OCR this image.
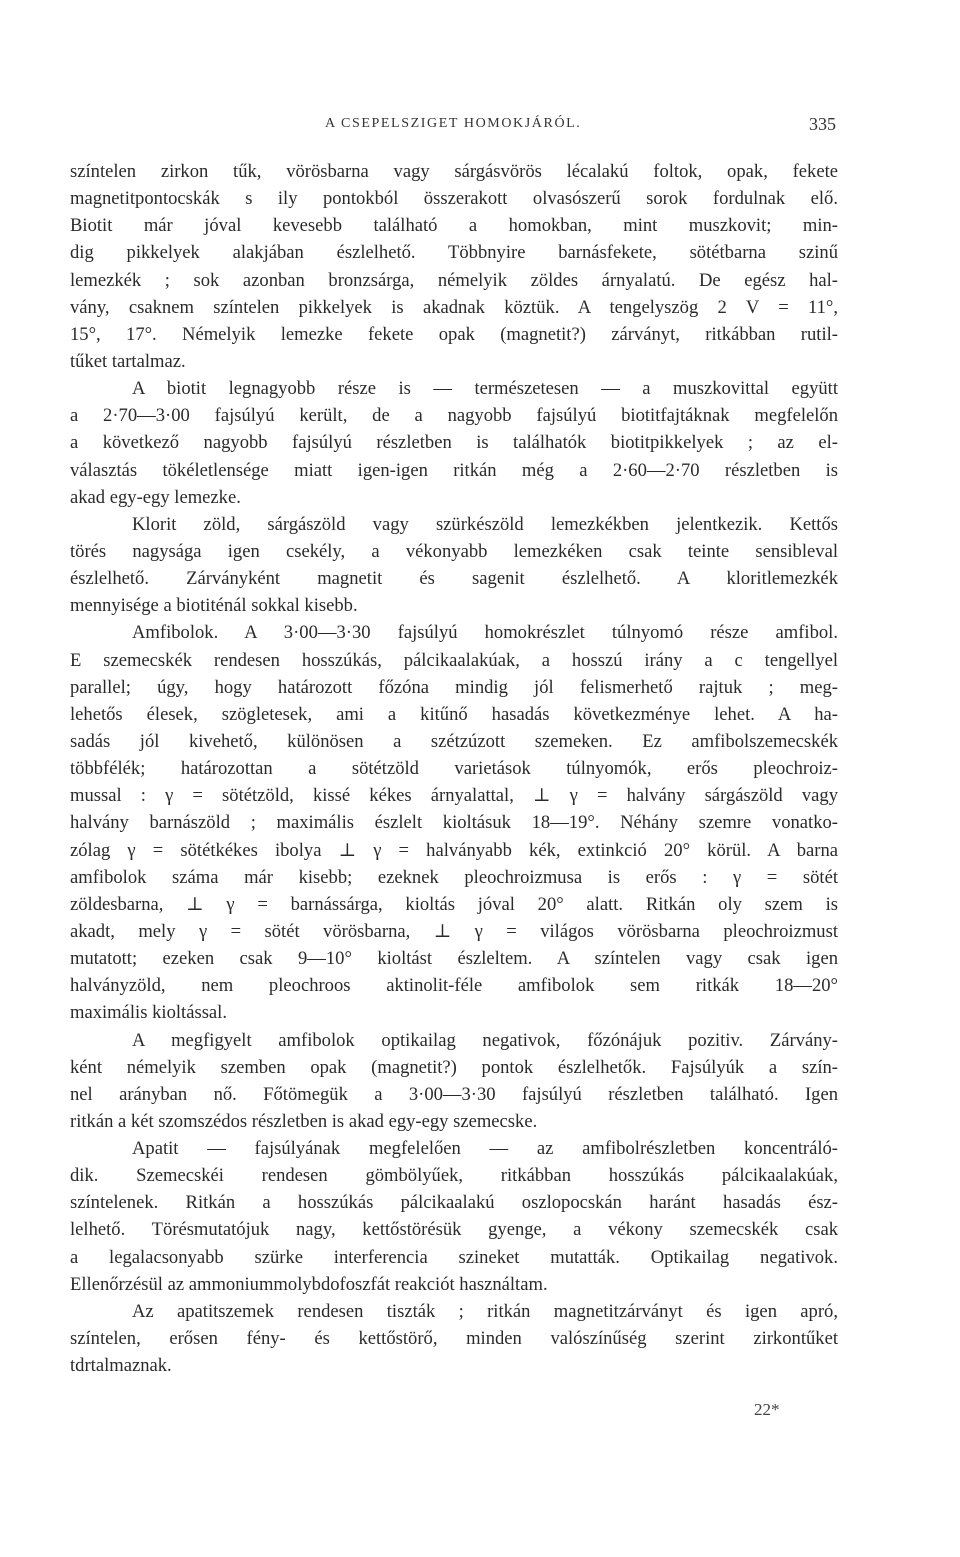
A CSEPELSZIGET HOMOKJÁRÓL.	335
színtelen zirkon tűk, vörösbarna vagy sárgásvörös lécalakú foltok, opak, fekete
magnetitpontocskák s ily pontokból összerakott olvasószerű sorok fordulnak elő.
Biotit már jóval kevesebb található a homokban, mint muszkovit; min-
dig pikkelyek alakjában észlelhető. Többnyire barnásfekete, sötétbarna szinű
lemezkék ; sok azonban bronzsárga, némelyik zöldes árnyalatú. De egész hal-
vány, csaknem színtelen pikkelyek is akadnak köztük. A tengelyszög 2 V = 11°,
15°, 17°. Némelyik lemezke fekete opak (magnetit?) zárványt, ritkábban rutil-
tűket tartalmaz.
A biotit legnagyobb része is — természetesen — a muszkovittal együtt
a 2·70—3·00 fajsúlyú került, de a nagyobb fajsúlyú biotitfajtáknak megfelelőn
a következő nagyobb fajsúlyú részletben is találhatók biotitpikkelyek ; az el-
választás tökéletlensége miatt igen-igen ritkán még a 2·60—2·70 részletben is
akad egy-egy lemezke.
Klorit zöld, sárgászöld vagy szürkészöld lemezkékben jelentkezik. Kettős
törés nagysága igen csekély, a vékonyabb lemezkéken csak teinte sensibleval
észlelhető. Zárványként magnetit és sagenit észlelhető. A kloritlemezkék
mennyisége a biotiténál sokkal kisebb.
Amfibolok. A 3·00—3·30 fajsúlyú homokrészlet túlnyomó része amfibol.
E szemecskék rendesen hosszúkás, pálcikaalakúak, a hosszú irány a c tengellyel
parallel; úgy, hogy határozott főzóna mindig jól felismerhető rajtuk ; meg-
lehetős élesek, szögletesek, ami a kitűnő hasadás következménye lehet. A ha-
sadás jól kivehető, különösen a szétzúzott szemeken. Ez amfibolszemecskék
többfélék; határozottan a sötétzöld varietások túlnyomók, erős pleochroiz-
mussal : γ = sötétzöld, kissé kékes árnyalattal, ⊥ γ = halvány sárgászöld vagy
halvány barnászöld ; maximális észlelt kioltásuk 18—19°. Néhány szemre vonatko-
zólag γ = sötétkékes ibolya ⊥ γ = halványabb kék, extinkció 20° körül. A barna
amfibolok száma már kisebb; ezeknek pleochroizmusa is erős : γ = sötét
zöldesbarna, ⊥ γ = barnássárga, kioltás jóval 20° alatt. Ritkán oly szem is
akadt, mely γ = sötét vörösbarna, ⊥ γ = világos vörösbarna pleochroizmust
mutatott; ezeken csak 9—10° kioltást észleltem. A színtelen vagy csak igen
halványzöld, nem pleochroos aktinolit-féle amfibolok sem ritkák 18—20°
maximális kioltással.
A megfigyelt amfibolok optikailag negativok, főzónájuk pozitiv. Zárvány-
ként némelyik szemben opak (magnetit?) pontok észlelhetők. Fajsúlyúk a szín-
nel arányban nő. Főtömegük a 3·00—3·30 fajsúlyú részletben található. Igen
ritkán a két szomszédos részletben is akad egy-egy szemecske.
Apatit — fajsúlyának megfelelően — az amfibolrészletben koncentráló-
dik. Szemecskéi rendesen gömbölyűek, ritkábban hosszúkás pálcikaalakúak,
színtelenek. Ritkán a hosszúkás pálcikaalakú oszlopocskán haránt hasadás ész-
lelhető. Törésmutatójuk nagy, kettőstörésük gyenge, a vékony szemecskék csak
a legalacsonyabb szürke interferencia szineket mutatták. Optikailag negativok.
Ellenőrzésül az ammoniummolybdofoszfát reakciót használtam.
Az apatitszemek rendesen tiszták ; ritkán magnetitzárványt és igen apró,
színtelen, erősen fény- és kettőstörő, minden valószínűség szerint zirkontűket
tdrtalmaznak.
22*
